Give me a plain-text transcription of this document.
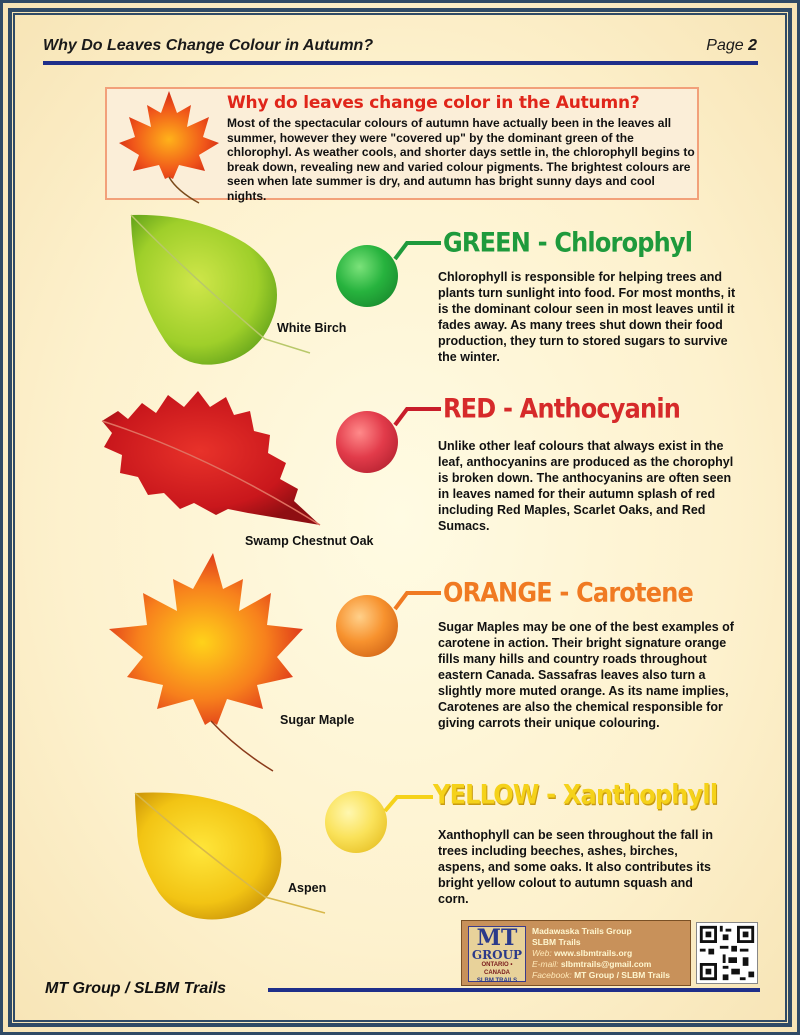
Why Do Leaves Change Colour in Autumn?	Page 2
Why do leaves change color in the Autumn?

Most of the spectacular colours of autumn have actually been in the leaves all summer, however they were "covered up" by the dominant green of the chlorophyl. As weather cools, and shorter days settle in, the chlorophyll begins to break down, revealing new and varied colour pigments. The brightest colours are seen when late summer is dry, and autumn has bright sunny days and cool nights.

White Birch
GREEN - Chlorophyl

Chlorophyll is responsible for helping trees and plants turn sunlight into food. For most months, it is the dominant colour seen in most leaves until it fades away. As many trees shut down their food production, they turn to stored sugars to survive the winter.

Swamp Chestnut Oak
RED - Anthocyanin

Unlike other leaf colours that always exist in the leaf, anthocyanins are produced as the chorophyl is broken down. The anthocyanins are often seen in leaves named for their autumn splash of red including Red Maples, Scarlet Oaks, and Red Sumacs.

Sugar Maple
ORANGE - Carotene

Sugar Maples may be one of the best examples of carotene in action. Their bright signature orange fills many hills and country roads throughout eastern Canada. Sassafras leaves also turn a slightly more muted orange. As its name implies, Carotenes are also the chemical responsible for giving carrots their unique colouring.

Aspen
YELLOW - Xanthophyll

Xanthophyll can be seen throughout the fall in trees including beeches, ashes, birches, aspens, and some oaks. It also contributes its bright yellow colout to autumn squash and corn.

MT
GROUP
ONTARIO • CANADA
SLBM TRAILS
Madawaska Trails Group
SLBM Trails
Web: www.slbmtrails.org
E-mail: slbmtrails@gmail.com
Facebook: MT Group / SLBM Trails
MT Group / SLBM Trails
